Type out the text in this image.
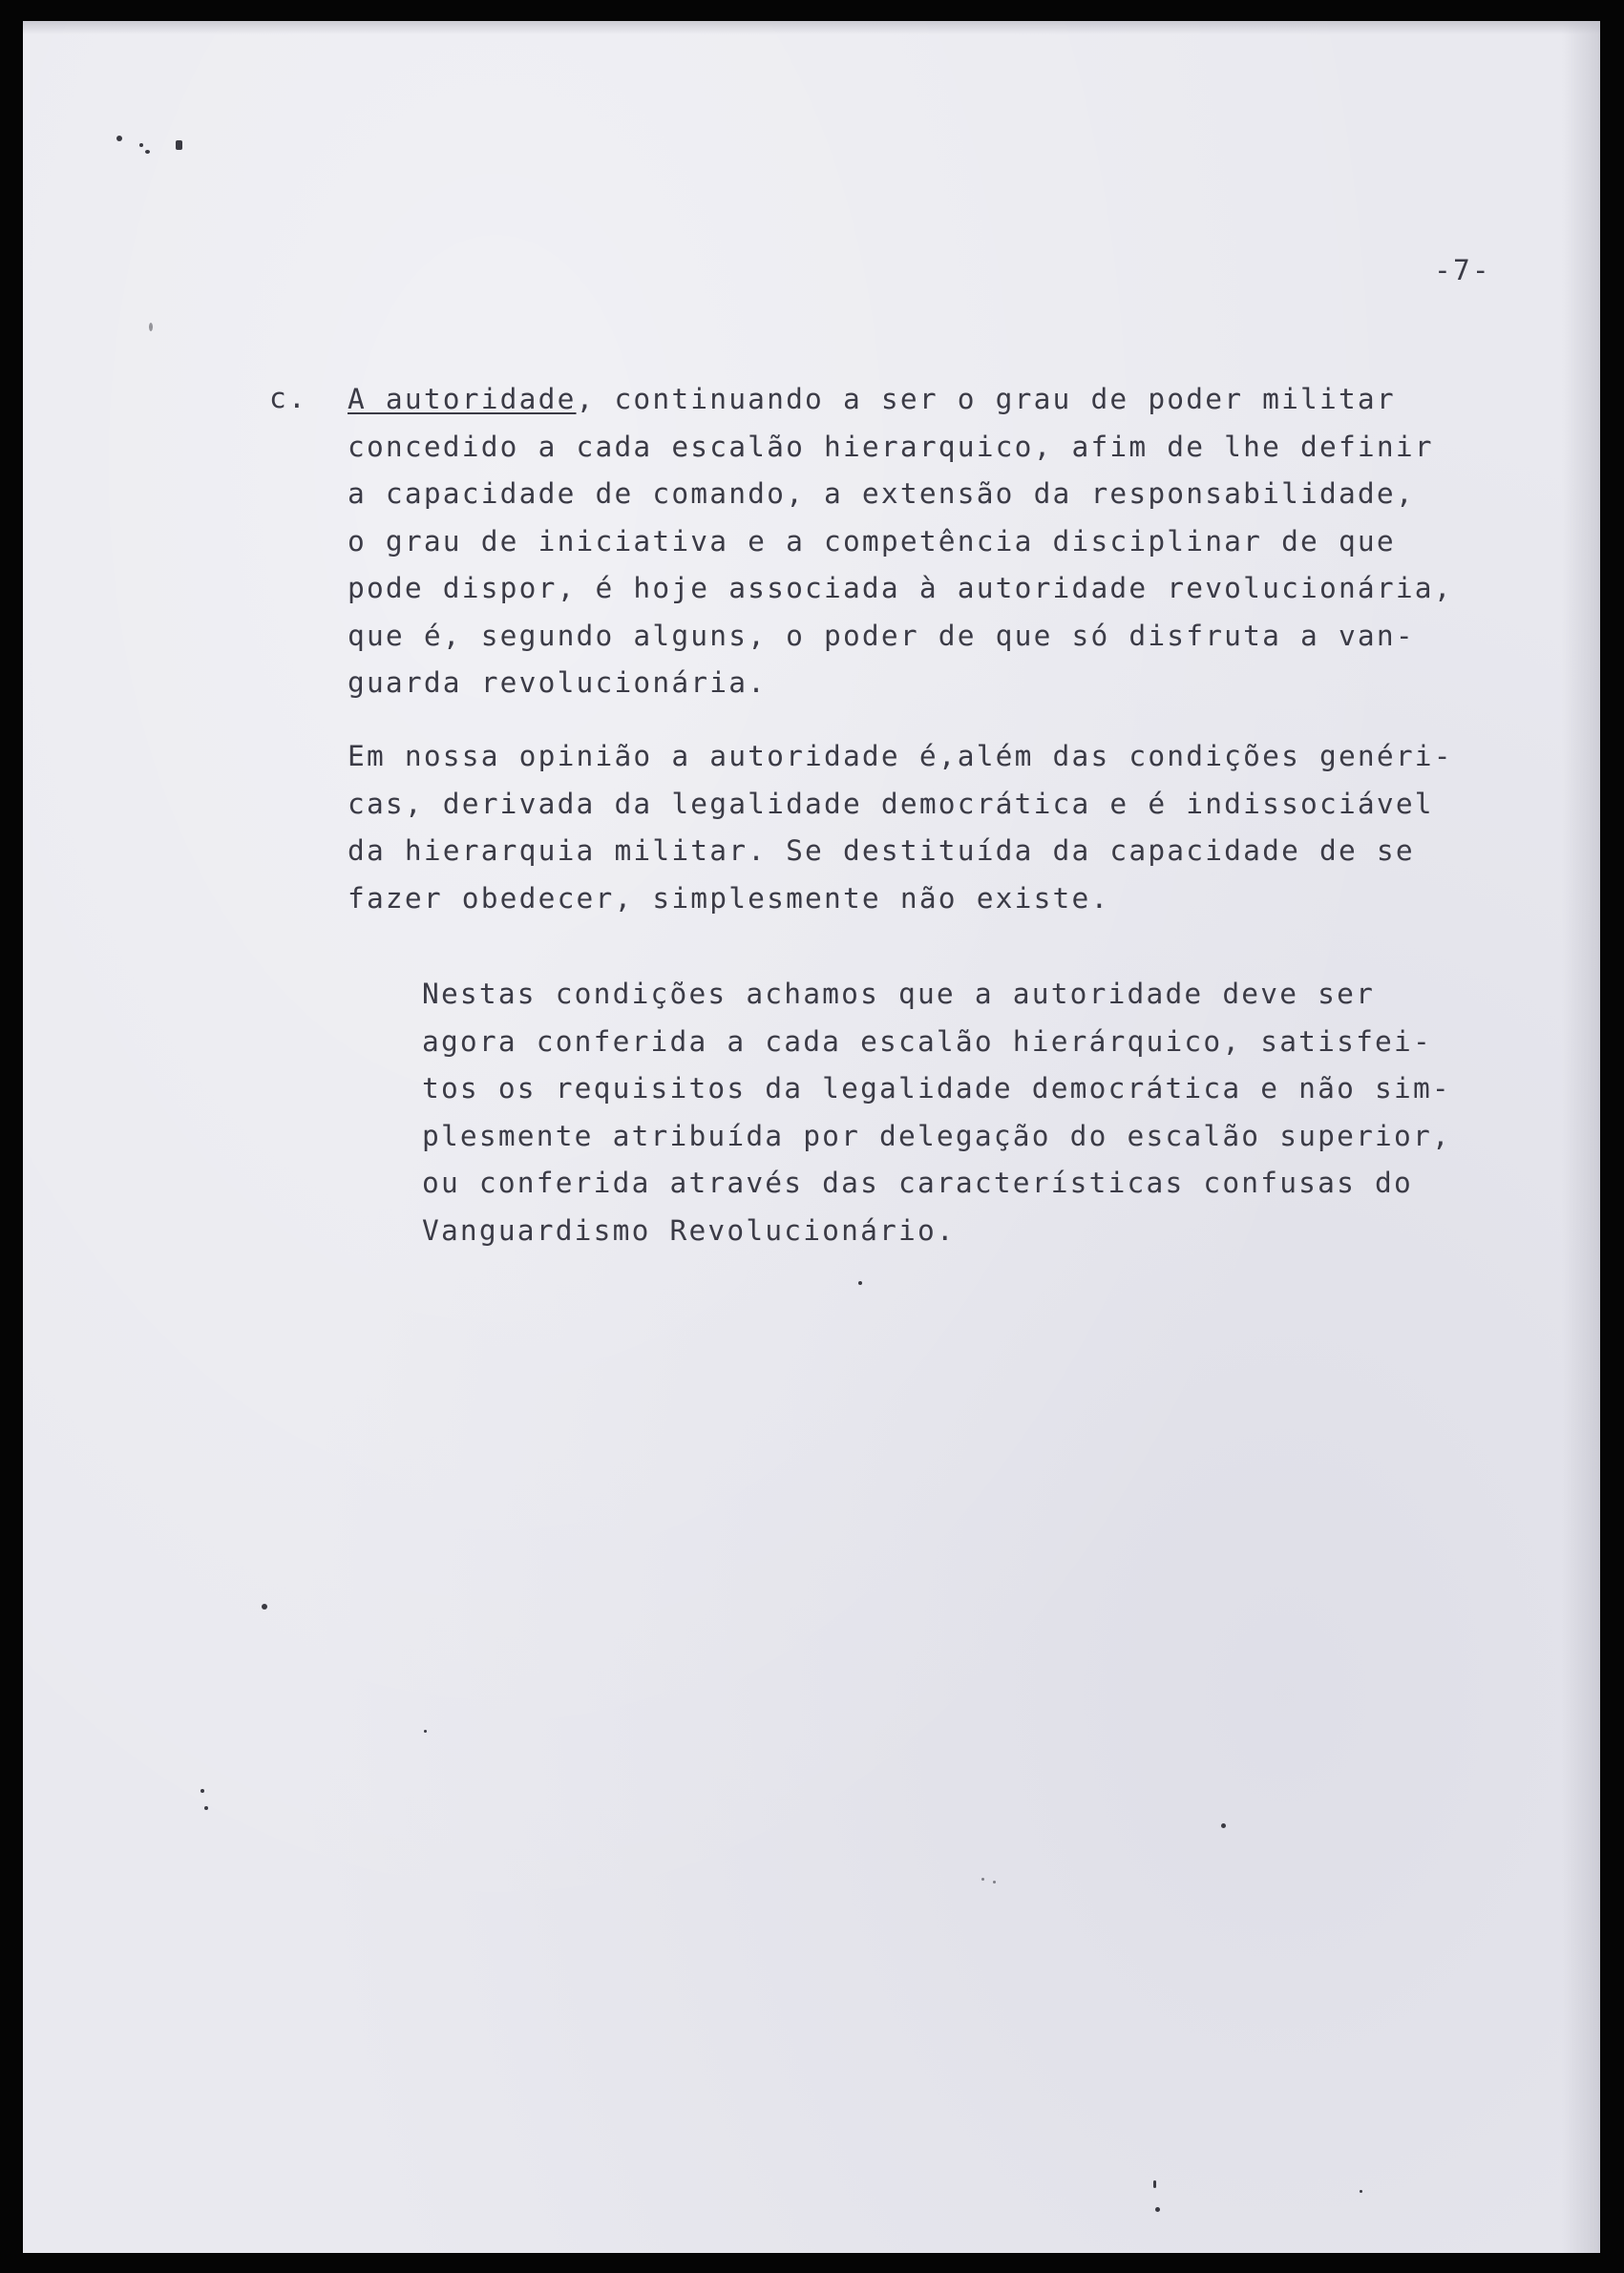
-7-

c. A autoridade, continuando a ser o grau de poder militar
concedido a cada escalão hierarquico, afim de lhe definir
a capacidade de comando, a extensão da responsabilidade,
o grau de iniciativa e a competência disciplinar de que
pode dispor, é hoje associada à autoridade revolucionária,
que é, segundo alguns, o poder de que só disfruta a van-
guarda revolucionária.

Em nossa opinião a autoridade é,além das condições genéri-
cas, derivada da legalidade democrática e é indissociável
da hierarquia militar. Se destituída da capacidade de se
fazer obedecer, simplesmente não existe.

Nestas condições achamos que a autoridade deve ser
agora conferida a cada escalão hierárquico, satisfei-
tos os requisitos da legalidade democrática e não sim-
plesmente atribuída por delegação do escalão superior,
ou conferida através das características confusas do
Vanguardismo Revolucionário.
